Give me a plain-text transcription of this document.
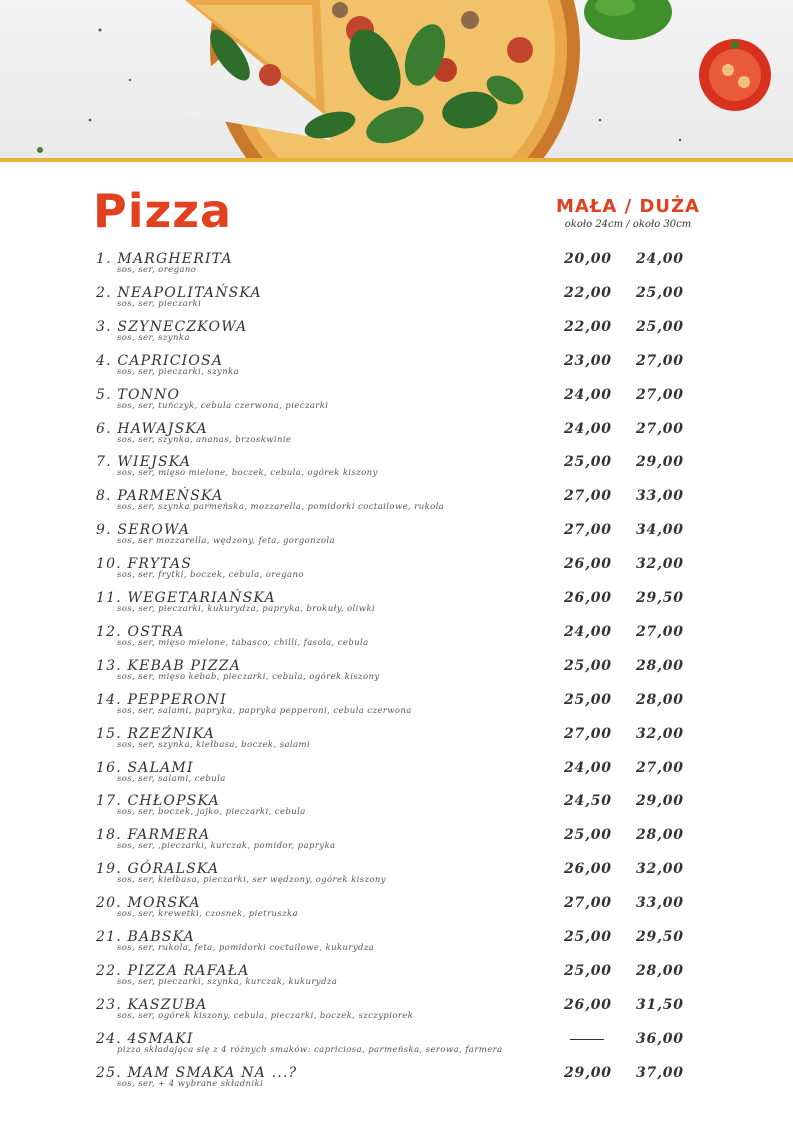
Pizza	MAŁA / DUŻA
około 24cm / około 30cm
1. MARGHERITA
sos, ser, oregano
20,00 24,00
2. NEAPOLITAŃSKA
sos, ser, pieczarki
22,00 25,00
3. SZYNECZKOWA
sos, ser, szynka
22,00 25,00
4. CAPRICIOSA
sos, ser, pieczarki, szynka
23,00 27,00
5. TONNO
sos, ser, tuńczyk, cebula czerwona, pieczarki
24,00 27,00
6. HAWAJSKA
sos, ser, szynka, ananas, brzoskwinie
24,00 27,00
7. WIEJSKA
sos, ser, mięso mielone, boczek, cebula, ogórek kiszony
25,00 29,00
8. PARMEŃSKA
sos, ser, szynka parmeńska, mozzarella, pomidorki coctailowe, rukola
27,00 33,00
9. SEROWA
sos, ser mozzarella, wędzony, feta, gorgonzola
27,00 34,00
10. FRYTAS
sos, ser, frytki, boczek, cebula, oregano
26,00 32,00
11. WEGETARIAŃSKA
sos, ser, pieczarki, kukurydza, papryka, brokuły, oliwki
26,00 29,50
12. OSTRA
sos, ser, mięso mielone, tabasco, chilli, fasola, cebula
24,00 27,00
13. KEBAB PIZZA
sos, ser, mięso kebab, pieczarki, cebula, ogórek kiszony
25,00 28,00
14. PEPPERONI
sos, ser, salami, papryka, papryka pepperoni, cebula czerwona
25,00 28,00
15. RZEŹNIKA
sos, ser, szynka, kiełbasa, boczek, salami
27,00 32,00
16. SALAMI
sos, ser, salami, cebula
24,00 27,00
17. CHŁOPSKA
sos, ser, boczek, jajko, pieczarki, cebula
24,50 29,00
18. FARMERA
sos, ser, ,pieczarki, kurczak, pomidor, papryka
25,00 28,00
19. GÓRALSKA
sos, ser, kiełbasa, pieczarki, ser wędzony, ogórek kiszony
26,00 32,00
20. MORSKA
sos, ser, krewetki, czosnek, pietruszka
27,00 33,00
21. BABSKA
sos, ser, rukola, feta, pomidorki coctailowe, kukurydza
25,00 29,50
22. PIZZA RAFAŁA
sos, ser, pieczarki, szynka, kurczak, kukurydza
25,00 28,00
23. KASZUBA
sos, ser, ogórek kiszony, cebula, pieczarki, boczek, szczypiorek
26,00 31,50
24. 4SMAKI
pizza składająca się z 4 różnych smaków: capriciosa, parmeńska, serowa, farmera
36,00
25. MAM SMAKA NA ...?
sos, ser, + 4 wybrane składniki
29,00 37,00
